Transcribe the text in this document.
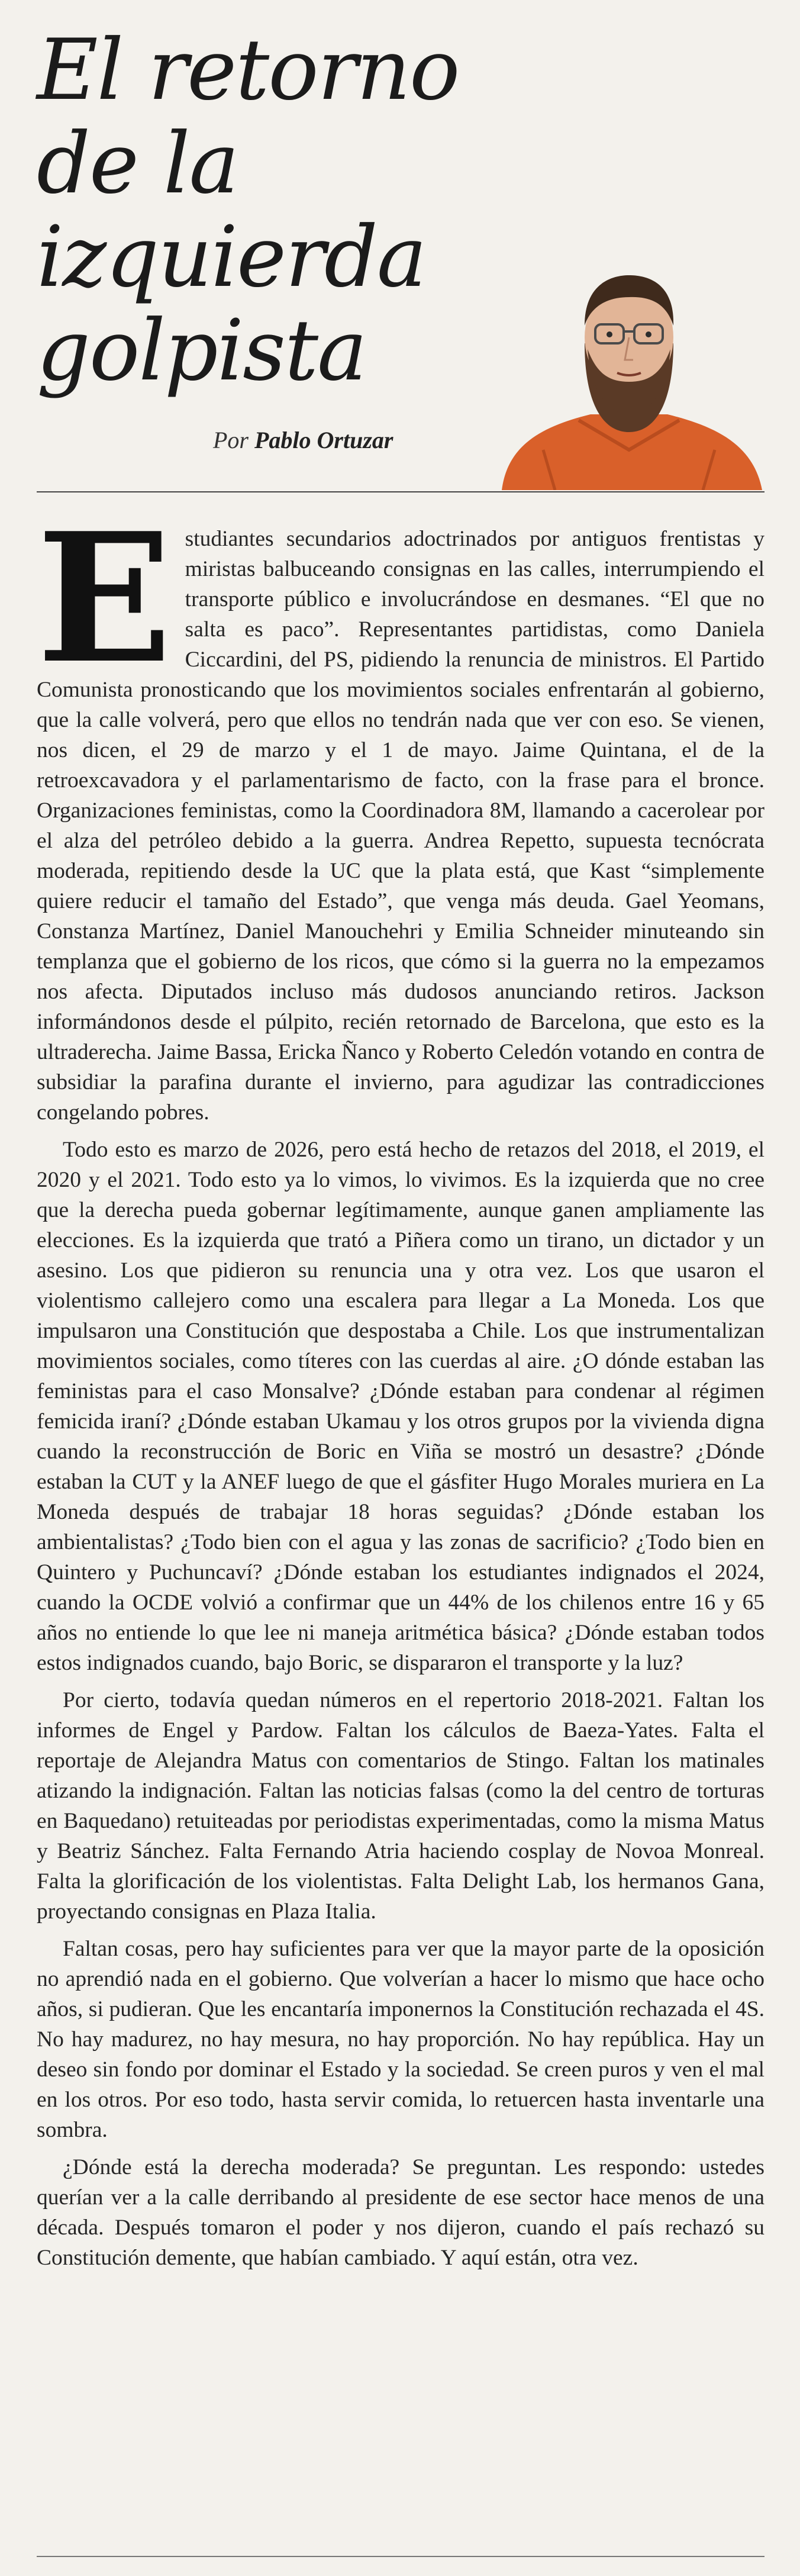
El retorno de la izquierda golpista
Por Pablo Ortuzar

Estudiantes secundarios adoctrinados por antiguos frentistas y miristas balbuceando consignas en las calles, interrumpiendo el transporte público e involucrándose en desmanes. “El que no salta es paco”. Representantes partidistas, como Daniela Ciccardini, del PS, pidiendo la renuncia de ministros. El Partido Comunista pronosticando que los movimientos sociales enfrentarán al gobierno, que la calle volverá, pero que ellos no tendrán nada que ver con eso. Se vienen, nos dicen, el 29 de marzo y el 1 de mayo. Jaime Quintana, el de la retroexcavadora y el parlamentarismo de facto, con la frase para el bronce. Organizaciones feministas, como la Coordinadora 8M, llamando a cacerolear por el alza del petróleo debido a la guerra. Andrea Repetto, supuesta tecnócrata moderada, repitiendo desde la UC que la plata está, que Kast “simplemente quiere reducir el tamaño del Estado”, que venga más deuda. Gael Yeomans, Constanza Martínez, Daniel Manouchehri y Emilia Schneider minuteando sin templanza que el gobierno de los ricos, que cómo si la guerra no la empezamos nos afecta. Diputados incluso más dudosos anunciando retiros. Jackson informándonos desde el púlpito, recién retornado de Barcelona, que esto es la ultraderecha. Jaime Bassa, Ericka Ñanco y Roberto Celedón votando en contra de subsidiar la parafina durante el invierno, para agudizar las contradicciones congelando pobres.

Todo esto es marzo de 2026, pero está hecho de retazos del 2018, el 2019, el 2020 y el 2021. Todo esto ya lo vimos, lo vivimos. Es la izquierda que no cree que la derecha pueda gobernar legítimamente, aunque ganen ampliamente las elecciones. Es la izquierda que trató a Piñera como un tirano, un dictador y un asesino. Los que pidieron su renuncia una y otra vez. Los que usaron el violentismo callejero como una escalera para llegar a La Moneda. Los que impulsaron una Constitución que despostaba a Chile. Los que instrumentalizan movimientos sociales, como títeres con las cuerdas al aire. ¿O dónde estaban las feministas para el caso Monsalve? ¿Dónde estaban para condenar al régimen femicida iraní? ¿Dónde estaban Ukamau y los otros grupos por la vivienda digna cuando la reconstrucción de Boric en Viña se mostró un desastre? ¿Dónde estaban la CUT y la ANEF luego de que el gásfiter Hugo Morales muriera en La Moneda después de trabajar 18 horas seguidas? ¿Dónde estaban los ambientalistas? ¿Todo bien con el agua y las zonas de sacrificio? ¿Todo bien en Quintero y Puchuncaví? ¿Dónde estaban los estudiantes indignados el 2024, cuando la OCDE volvió a confirmar que un 44% de los chilenos entre 16 y 65 años no entiende lo que lee ni maneja aritmética básica? ¿Dónde estaban todos estos indignados cuando, bajo Boric, se dispararon el transporte y la luz?

Por cierto, todavía quedan números en el repertorio 2018-2021. Faltan los informes de Engel y Pardow. Faltan los cálculos de Baeza-Yates. Falta el reportaje de Alejandra Matus con comentarios de Stingo. Faltan los matinales atizando la indignación. Faltan las noticias falsas (como la del centro de torturas en Baquedano) retuiteadas por periodistas experimentadas, como la misma Matus y Beatriz Sánchez. Falta Fernando Atria haciendo cosplay de Novoa Monreal. Falta la glorificación de los violentistas. Falta Delight Lab, los hermanos Gana, proyectando consignas en Plaza Italia.

Faltan cosas, pero hay suficientes para ver que la mayor parte de la oposición no aprendió nada en el gobierno. Que volverían a hacer lo mismo que hace ocho años, si pudieran. Que les encantaría imponernos la Constitución rechazada el 4S. No hay madurez, no hay mesura, no hay proporción. No hay república. Hay un deseo sin fondo por dominar el Estado y la sociedad. Se creen puros y ven el mal en los otros. Por eso todo, hasta servir comida, lo retuercen hasta inventarle una sombra.

¿Dónde está la derecha moderada? Se preguntan. Les respondo: ustedes querían ver a la calle derribando al presidente de ese sector hace menos de una década. Después tomaron el poder y nos dijeron, cuando el país rechazó su Constitución demente, que habían cambiado. Y aquí están, otra vez.
